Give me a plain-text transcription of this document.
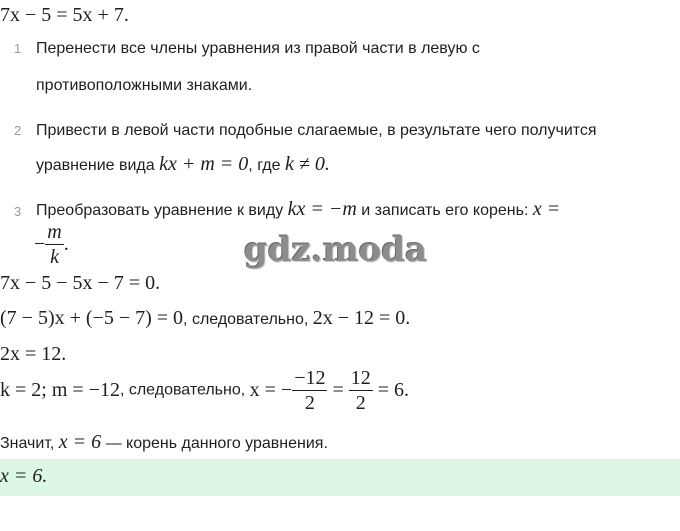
7x − 5 = 5x + 7.
1 Перенести все члены уравнения из правой части в левую с
противоположными знаками.
2 Привести в левой части подобные слагаемые, в результате чего получится
уравнение вида kx + m = 0, где k ≠ 0.
3 Преобразовать уравнение к виду kx = −m и записать его корень: x =
− $\frac{m}{k}$ .	gdz.moda
7x − 5 − 5x − 7 = 0.
(7 − 5)x + (−5 − 7) = 0, следовательно, 2x − 12 = 0.
2x = 12.
k = 2; m = −12, следовательно, x = − $\frac{-12}{2} = \frac{12}{2} = 6$.
Значит, x = 6 — корень данного уравнения.
x = 6.
